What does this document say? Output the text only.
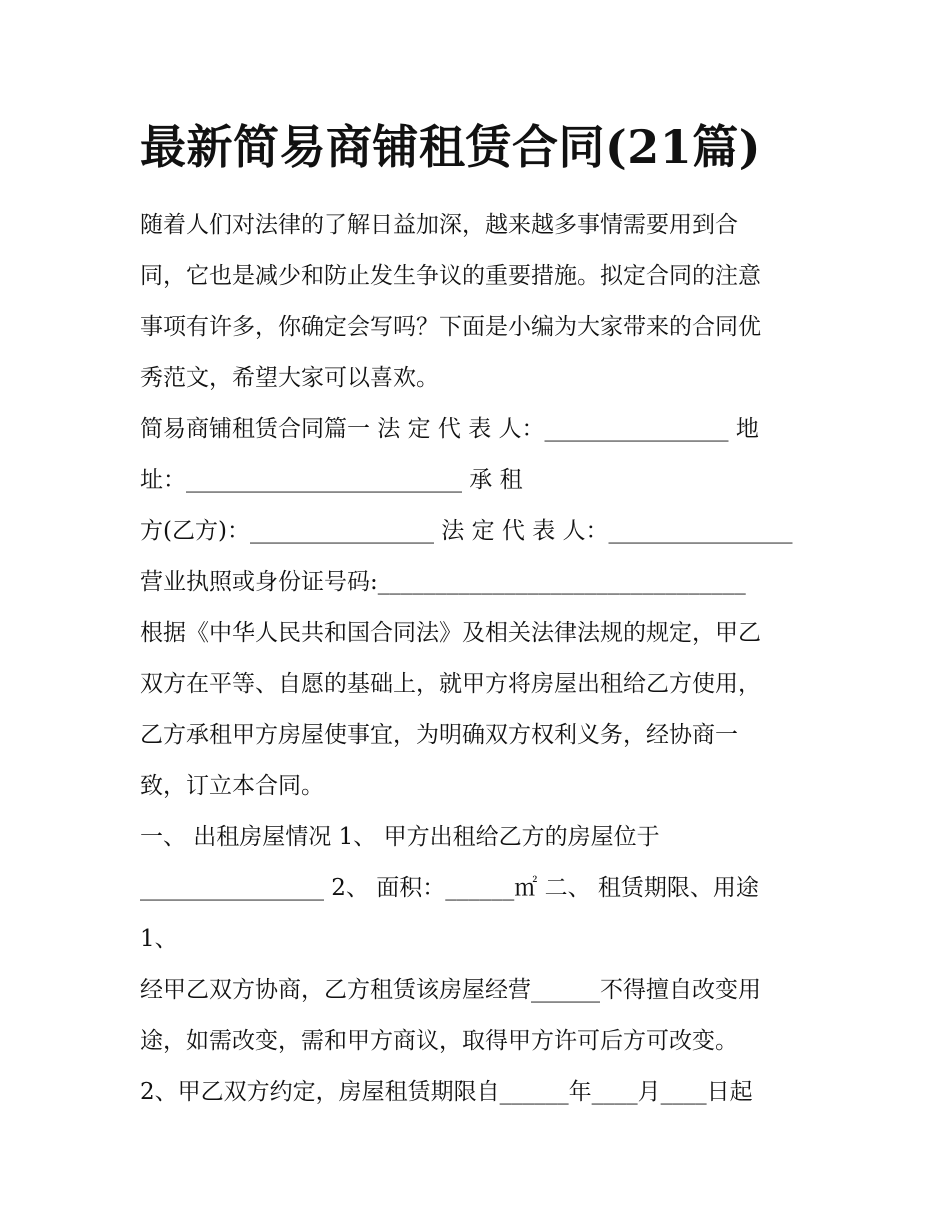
最新简易商铺租赁合同(21篇)
随着人们对法律的了解日益加深，越来越多事情需要用到合
同，它也是减少和防止发生争议的重要措施。拟定合同的注意
事项有许多，你确定会写吗？下面是小编为大家带来的合同优
秀范文，希望大家可以喜欢。
简易商铺租赁合同篇一 法 定 代 表 人：________________ 地
址：________________________ 承 租
方(乙方)：________________ 法 定 代 表 人：________________
营业执照或身份证号码:________________________________
根据《中华人民共和国合同法》及相关法律法规的规定，甲乙
双方在平等、自愿的基础上，就甲方将房屋出租给乙方使用，
乙方承租甲方房屋使事宜，为明确双方权利义务，经协商一
致，订立本合同。
一、 出租房屋情况 1、 甲方出租给乙方的房屋位于
________________ 2、 面积：______㎡ 二、 租赁期限、用途
1、
经甲乙双方协商，乙方租赁该房屋经营______不得擅自改变用
途，如需改变，需和甲方商议，取得甲方许可后方可改变。
2、甲乙双方约定，房屋租赁期限自______年____月____日起
